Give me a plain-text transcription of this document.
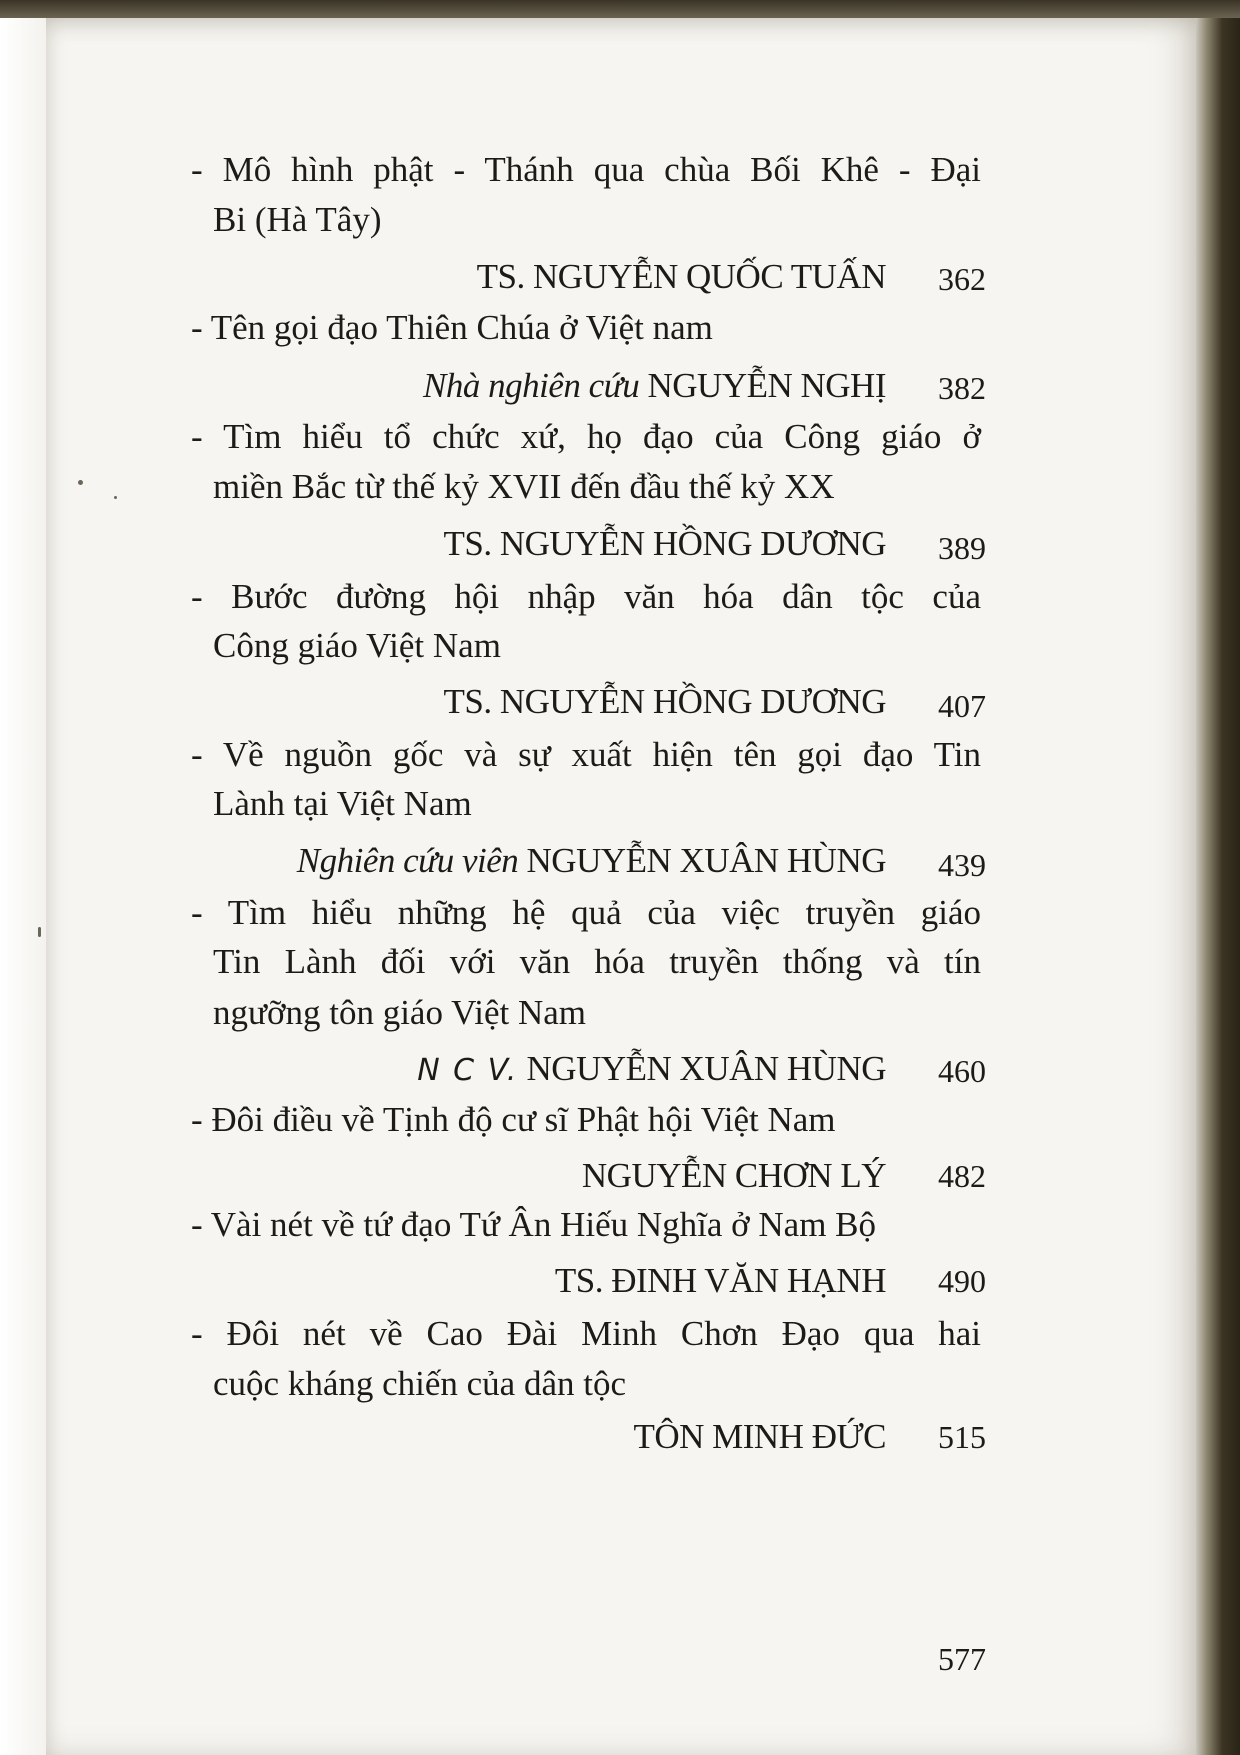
- Mô hình phật - Thánh qua chùa Bối Khê - Đại
Bi (Hà Tây)
TS. NGUYỄN QUỐC TUẤN 362
- Tên gọi đạo Thiên Chúa ở Việt nam
Nhà nghiên cứu NGUYỄN NGHỊ 382
- Tìm hiểu tổ chức xứ, họ đạo của Công giáo ở
miền Bắc từ thế kỷ XVII đến đầu thế kỷ XX
TS. NGUYỄN HỒNG DƯƠNG 389
- Bước đường hội nhập văn hóa dân tộc của
Công giáo Việt Nam
TS. NGUYỄN HỒNG DƯƠNG 407
- Về nguồn gốc và sự xuất hiện tên gọi đạo Tin
Lành tại Việt Nam
Nghiên cứu viên NGUYỄN XUÂN HÙNG 439
- Tìm hiểu những hệ quả của việc truyền giáo
Tin Lành đối với văn hóa truyền thống và tín
ngưỡng tôn giáo Việt Nam
N C V. NGUYỄN XUÂN HÙNG 460
- Đôi điều về Tịnh độ cư sĩ Phật hội Việt Nam
NGUYỄN CHƠN LÝ 482
- Vài nét về tứ đạo Tứ Ân Hiếu Nghĩa ở Nam Bộ
TS. ĐINH VĂN HẠNH 490
- Đôi nét về Cao Đài Minh Chơn Đạo qua hai
cuộc kháng chiến của dân tộc
TÔN MINH ĐỨC 515
577
